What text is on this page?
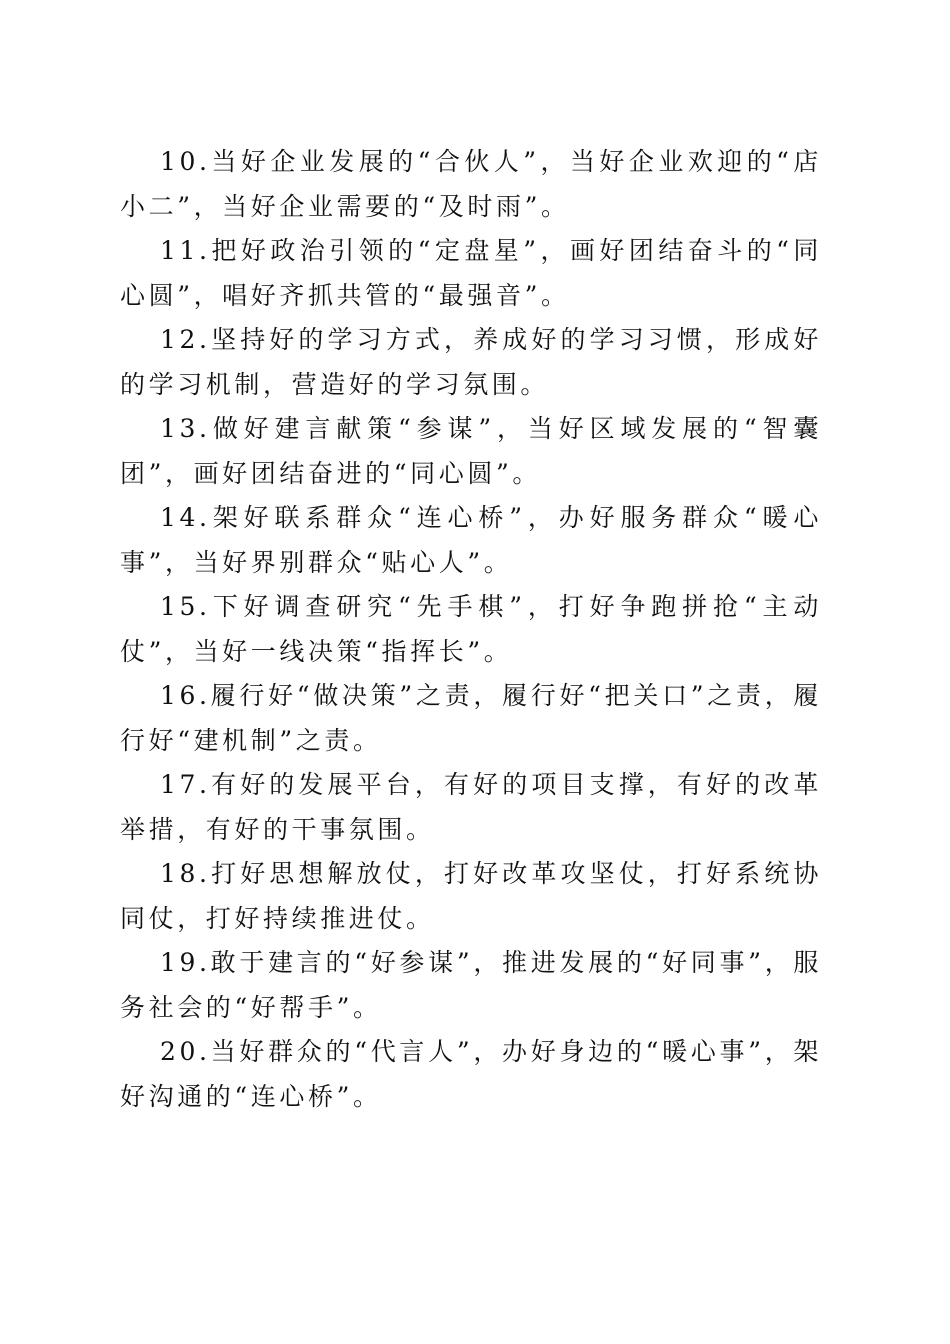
10.当好企业发展的“合伙人”，当好企业欢迎的“店小二”，当好企业需要的“及时雨”。

11.把好政治引领的“定盘星”，画好团结奋斗的“同心圆”，唱好齐抓共管的“最强音”。

12.坚持好的学习方式，养成好的学习习惯，形成好的学习机制，营造好的学习氛围。

13.做好建言献策“参谋”，当好区域发展的“智囊团”，画好团结奋进的“同心圆”。

14.架好联系群众“连心桥”，办好服务群众“暖心事”，当好界别群众“贴心人”。

15.下好调查研究“先手棋”，打好争跑拼抢“主动仗”，当好一线决策“指挥长”。

16.履行好“做决策”之责，履行好“把关口”之责，履行好“建机制”之责。

17.有好的发展平台，有好的项目支撑，有好的改革举措，有好的干事氛围。

18.打好思想解放仗，打好改革攻坚仗，打好系统协同仗，打好持续推进仗。

19.敢于建言的“好参谋”，推进发展的“好同事”，服务社会的“好帮手”。

20.当好群众的“代言人”，办好身边的“暖心事”，架好沟通的“连心桥”。
